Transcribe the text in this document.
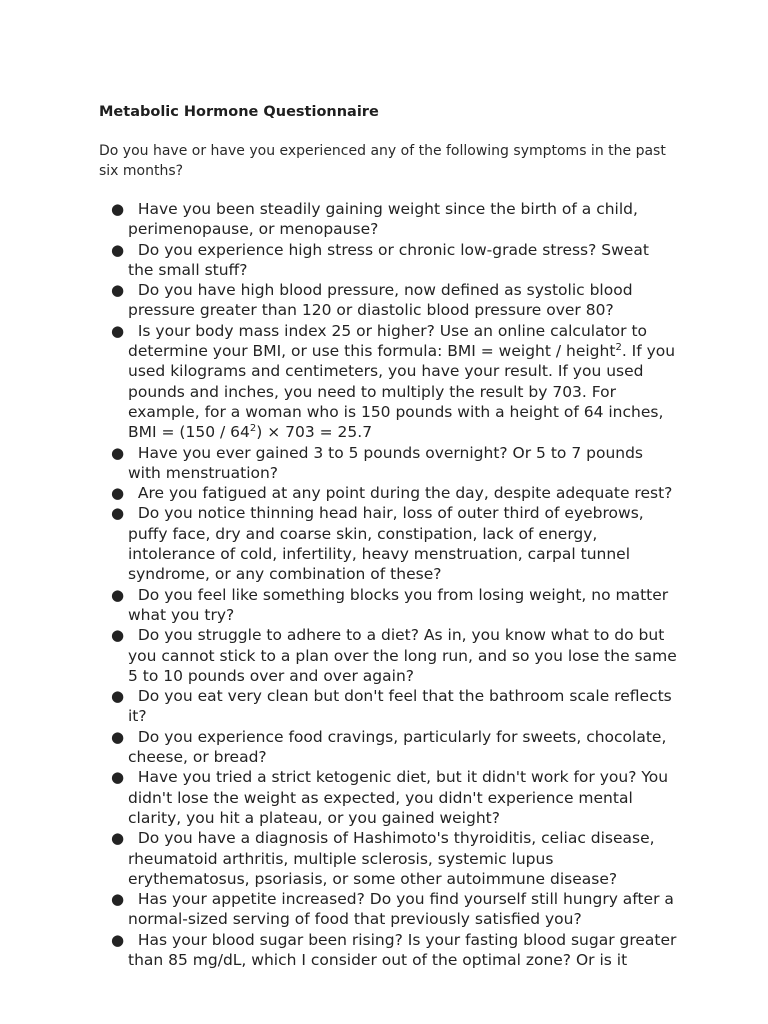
Metabolic Hormone Questionnaire

Do you have or have you experienced any of the following symptoms in the past six months?

● Have you been steadily gaining weight since the birth of a child, perimenopause, or menopause?
● Do you experience high stress or chronic low-grade stress? Sweat the small stuff?
● Do you have high blood pressure, now defined as systolic blood pressure greater than 120 or diastolic blood pressure over 80?
● Is your body mass index 25 or higher? Use an online calculator to determine your BMI, or use this formula: BMI = weight / height$^2$. If you used kilograms and centimeters, you have your result. If you used pounds and inches, you need to multiply the result by 703. For example, for a woman who is 150 pounds with a height of 64 inches, BMI = $(150 / 64^2) \times 703 = 25.7$
● Have you ever gained 3 to 5 pounds overnight? Or 5 to 7 pounds with menstruation?
● Are you fatigued at any point during the day, despite adequate rest?
● Do you notice thinning head hair, loss of outer third of eyebrows, puffy face, dry and coarse skin, constipation, lack of energy, intolerance of cold, infertility, heavy menstruation, carpal tunnel syndrome, or any combination of these?
● Do you feel like something blocks you from losing weight, no matter what you try?
● Do you struggle to adhere to a diet? As in, you know what to do but you cannot stick to a plan over the long run, and so you lose the same 5 to 10 pounds over and over again?
● Do you eat very clean but don't feel that the bathroom scale reflects it?
● Do you experience food cravings, particularly for sweets, chocolate, cheese, or bread?
● Have you tried a strict ketogenic diet, but it didn't work for you? You didn't lose the weight as expected, you didn't experience mental clarity, you hit a plateau, or you gained weight?
● Do you have a diagnosis of Hashimoto's thyroiditis, celiac disease, rheumatoid arthritis, multiple sclerosis, systemic lupus erythematosus, psoriasis, or some other autoimmune disease?
● Has your appetite increased? Do you find yourself still hungry after a normal-sized serving of food that previously satisfied you?
● Has your blood sugar been rising? Is your fasting blood sugar greater than 85 mg/dL, which I consider out of the optimal zone? Or is it
